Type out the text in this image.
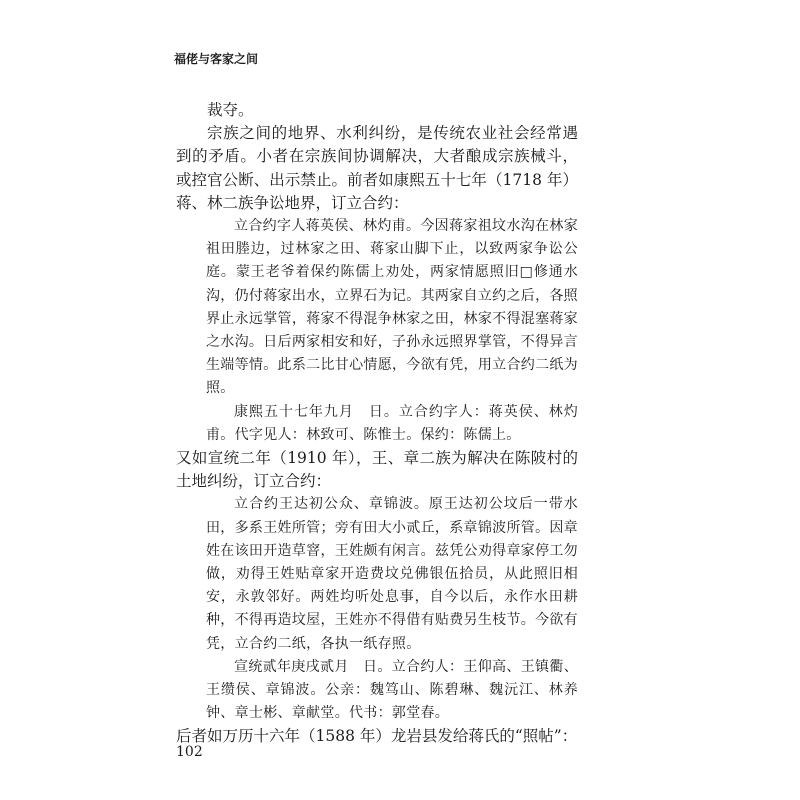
福佬与客家之间

裁夺。

宗族之间的地界、水利纠纷，是传统农业社会经常遇到的矛盾。小者在宗族间协调解决，大者酿成宗族械斗，或控官公断、出示禁止。前者如康熙五十七年（1718 年）蒋、林二族争讼地界，订立合约：

立合约字人蒋英侯、林灼甫。今因蒋家祖坟水沟在林家祖田塍边，过林家之田、蒋家山脚下止，以致两家争讼公庭。蒙王老爷着保约陈儒上劝处，两家情愿照旧□修通水沟，仍付蒋家出水，立界石为记。其两家自立约之后，各照界止永远掌管，蒋家不得混争林家之田，林家不得混塞蒋家之水沟。日后两家相安和好，子孙永远照界掌管，不得异言生端等情。此系二比甘心情愿，今欲有凭，用立合约二纸为照。

康熙五十七年九月　日。立合约字人：蒋英侯、林灼甫。代字见人：林致可、陈惟士。保约：陈儒上。

又如宣统二年（1910 年），王、章二族为解决在陈陂村的土地纠纷，订立合约：

立合约王达初公众、章锦波。原王达初公坟后一带水田，多系王姓所管；旁有田大小贰丘，系章锦波所管。因章姓在该田开造草窨，王姓颇有闲言。兹凭公劝得章家停工勿做，劝得王姓贴章家开造费坟兑佛银伍拾员，从此照旧相安，永敦邻好。两姓均听处息事，自今以后，永作水田耕种，不得再造坟屋，王姓亦不得借有贴费另生枝节。今欲有凭，立合约二纸，各执一纸存照。

宣统贰年庚戌贰月　日。立合约人：王仰高、王镇衢、王缵侯、章锦波。公亲：魏笃山、陈碧琳、魏沅江、林养钟、章士彬、章献堂。代书：郭堂春。

后者如万历十六年（1588 年）龙岩县发给蒋氏的“照帖”：

102
